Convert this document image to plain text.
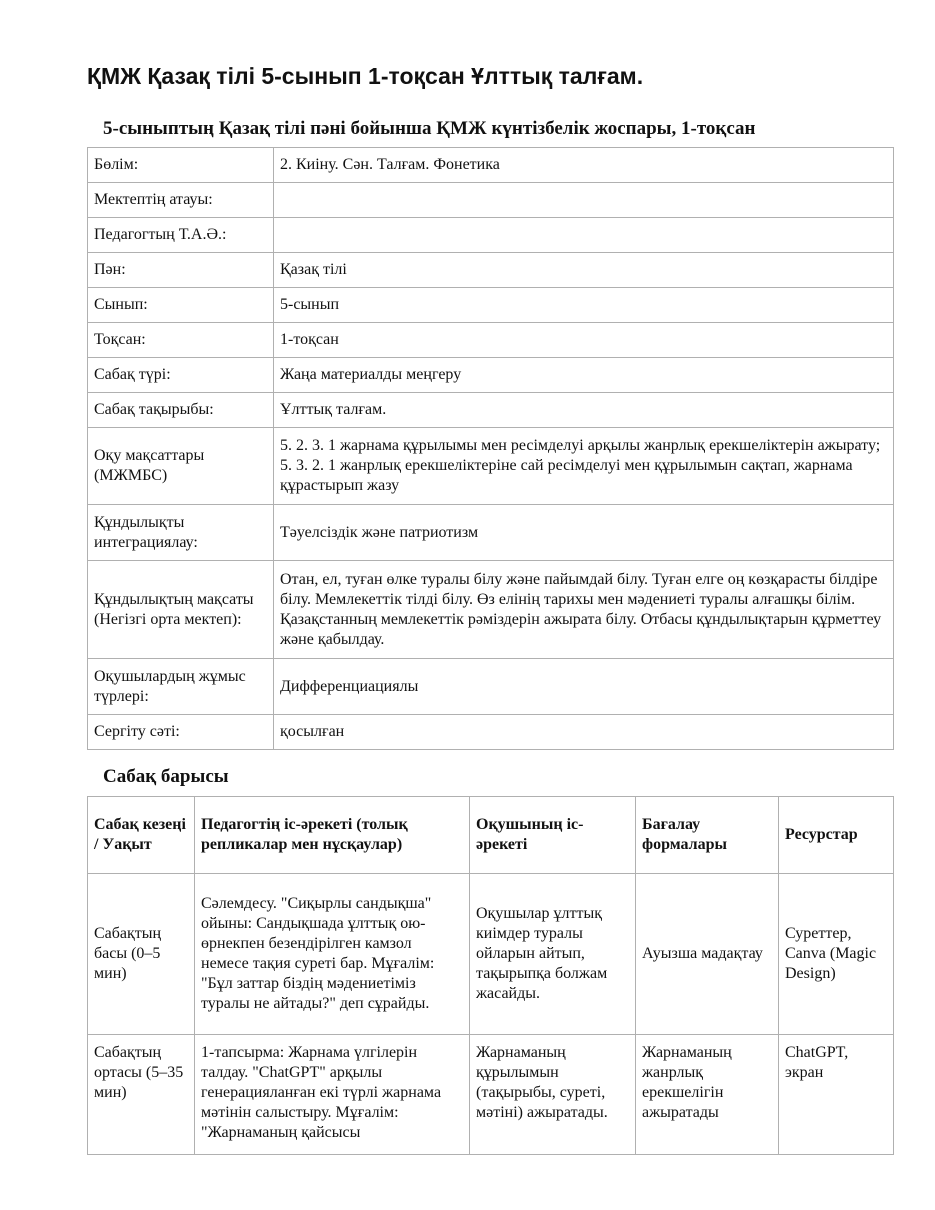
ҚМЖ Қазақ тілі 5-сынып 1-тоқсан Ұлттық талғам.
5-сыныптың Қазақ тілі пәні бойынша ҚМЖ күнтізбелік жоспары, 1-тоқсан
Бөлім:	2. Киіну. Сән. Талғам. Фонетика
Мектептің атауы:	
Педагогтың Т.А.Ә.:	
Пән:	Қазақ тілі
Сынып:	5-сынып
Тоқсан:	1-тоқсан
Сабақ түрі:	Жаңа материалды меңгеру
Сабақ тақырыбы:	Ұлттық талғам.
Оқу мақсаттары (МЖМБС)	5. 2. 3. 1 жарнама құрылымы мен ресімделуі арқылы жанрлық ерекшеліктерін ажырату; 5. 3. 2. 1 жанрлық ерекшеліктеріне сай ресімделуі мен құрылымын сақтап, жарнама құрастырып жазу
Құндылықты интеграциялау:	Тәуелсіздік және патриотизм
Құндылықтың мақсаты (Негізгі орта мектеп):	Отан, ел, туған өлке туралы білу және пайымдай білу. Туған елге оң көзқарасты білдіре білу. Мемлекеттік тілді білу. Өз елінің тарихы мен мәдениеті туралы алғашқы білім. Қазақстанның мемлекеттік рәміздерін ажырата білу. Отбасы құндылықтарын құрметтеу және қабылдау.
Оқушылардың жұмыс түрлері:	Дифференциациялы
Сергіту сәті:	қосылған
Сабақ барысы
Сабақ кезеңі / Уақыт	Педагогтің іс-әрекеті (толық репликалар мен нұсқаулар)	Оқушының іс-әрекеті	Бағалау формалары	Ресурстар
Сабақтың басы (0–5 мин)	Сәлемдесу. "Сиқырлы сандықша" ойыны: Сандықшада ұлттық ою-өрнекпен безендірілген камзол немесе тақия суреті бар. Мұғалім: "Бұл заттар біздің мәдениетіміз туралы не айтады?" деп сұрайды.	Оқушылар ұлттық киімдер туралы ойларын айтып, тақырыпқа болжам жасайды.	Ауызша мадақтау	Суреттер, Canva (Magic Design)
Сабақтың ортасы (5–35 мин)	1-тапсырма: Жарнама үлгілерін талдау. "ChatGPT" арқылы генерацияланған екі түрлі жарнама мәтінін салыстыру. Мұғалім: "Жарнаманың қайсысы	Жарнаманың құрылымын (тақырыбы, суреті, мәтіні) ажыратады.	Жарнаманың жанрлық ерекшелігін ажыратады	ChatGPT, экран
